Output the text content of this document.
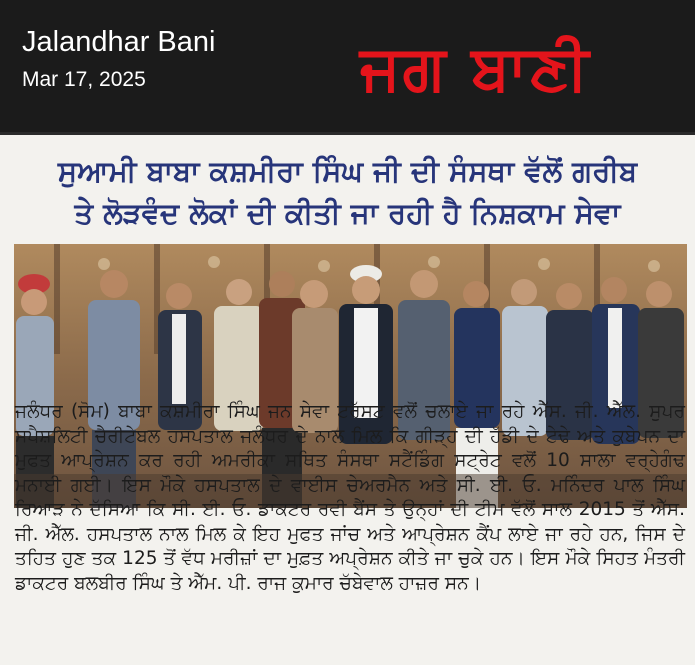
Jalandhar Bani
Mar 17, 2025	ਜਗ ਬਾਣੀ
ਸੁਆਮੀ ਬਾਬਾ ਕਸ਼ਮੀਰਾ ਸਿੰਘ ਜੀ ਦੀ ਸੰਸਥਾ ਵੱਲੋਂ ਗਰੀਬ
ਤੇ ਲੋੜਵੰਦ ਲੋਕਾਂ ਦੀ ਕੀਤੀ ਜਾ ਰਹੀ ਹੈ ਨਿਸ਼ਕਾਮ ਸੇਵਾ

ਜਲੰਧਰ (ਸੋਮ) ਬਾਬਾ ਕਸ਼ਮੀਰਾ ਸਿੰਘ ਜਨ ਸੇਵਾ ਟਰੱਸਟ ਵਲੋਂ ਚਲਾਏ ਜਾ ਰਹੇ ਐੱਸ. ਜੀ. ਐੱਲ. ਸੁਪਰ ਸਪੈਸ਼ਲਿਟੀ ਚੈਰੀਟੇਬਲ ਹਸਪਤਾਲ ਜਲੰਧਰ ਦੇ ਨਾਲ ਮਿਲ ਕਿ ਗੀੜ੍ਹ ਦੀ ਹੱਡੀ ਦੇ ਟੇਢੇ ਅਤੇ ਕੁਬੇਪਨ ਦਾ ਮੁਫਤ ਆਪ੍ਰੇਸ਼ਨ ਕਰ ਰਹੀ ਅਮਰੀਕਾ ਸਥਿਤ ਸੰਸਥਾ ਸਟੈਂਡਿੰਗ ਸਟ੍ਰੇਟ ਵਲੋਂ 10 ਸਾਲਾ ਵਰ੍ਹੇਗੰਢ ਮਨਾਈ ਗਈ। ਇਸ ਮੌਕੇ ਹਸਪਤਾਲ ਦੇ ਵਾਈਸ ਚੇਅਰਮੈਨ ਅਤੇ ਸੀ. ਈ. ਓ. ਮਨਿੰਦਰ ਪਾਲ ਸਿੰਘ ਰਿਆੜ ਨੇ ਦੱਸਿਆ ਕਿ ਸੀ. ਈ. ਓ. ਡਾਕਟਰ ਰਵੀ ਬੈਂਸ ਤੇ ਉਨ੍ਹਾਂ ਦੀ ਟੀਮ ਵੱਲੋਂ ਸਾਲ 2015 ਤੋਂ ਐੱਸ. ਜੀ. ਐੱਲ. ਹਸਪਤਾਲ ਨਾਲ ਮਿਲ ਕੇ ਇਹ ਮੁਫਤ ਜਾਂਚ ਅਤੇ ਆਪ੍ਰੇਸ਼ਨ ਕੈਂਪ ਲਾਏ ਜਾ ਰਹੇ ਹਨ, ਜਿਸ ਦੇ ਤਹਿਤ ਹੁਣ ਤਕ 125 ਤੋਂ ਵੱਧ ਮਰੀਜ਼ਾਂ ਦਾ ਮੁਫ਼ਤ ਅਪ੍ਰੇਸ਼ਨ ਕੀਤੇ ਜਾ ਚੁਕੇ ਹਨ। ਇਸ ਮੌਕੇ ਸਿਹਤ ਮੰਤਰੀ ਡਾਕਟਰ ਬਲਬੀਰ ਸਿੰਘ ਤੇ ਐੱਮ. ਪੀ. ਰਾਜ ਕੁਮਾਰ ਚੱਬੇਵਾਲ ਹਾਜ਼ਰ ਸਨ।
